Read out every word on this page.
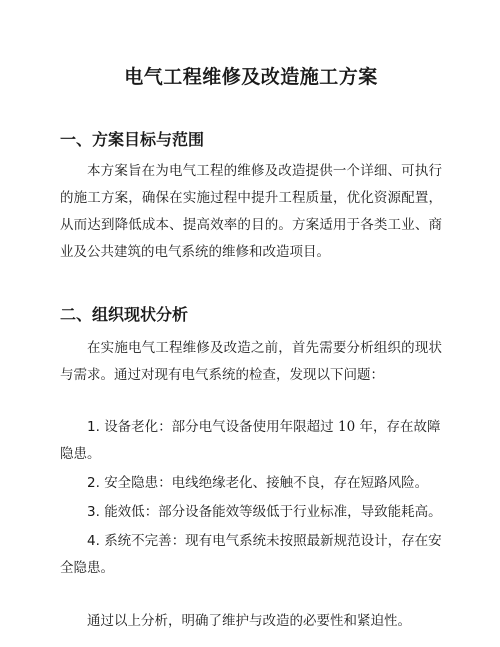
电气工程维修及改造施工方案
一、方案目标与范围

本方案旨在为电气工程的维修及改造提供一个详细、可执行的施工方案，确保在实施过程中提升工程质量，优化资源配置，从而达到降低成本、提高效率的目的。方案适用于各类工业、商业及公共建筑的电气系统的维修和改造项目。

二、组织现状分析

在实施电气工程维修及改造之前，首先需要分析组织的现状与需求。通过对现有电气系统的检查，发现以下问题：

1. 设备老化：部分电气设备使用年限超过 10 年，存在故障隐患。

2. 安全隐患：电线绝缘老化、接触不良，存在短路风险。

3. 能效低：部分设备能效等级低于行业标准，导致能耗高。

4. 系统不完善：现有电气系统未按照最新规范设计，存在安全隐患。

通过以上分析，明确了维护与改造的必要性和紧迫性。
